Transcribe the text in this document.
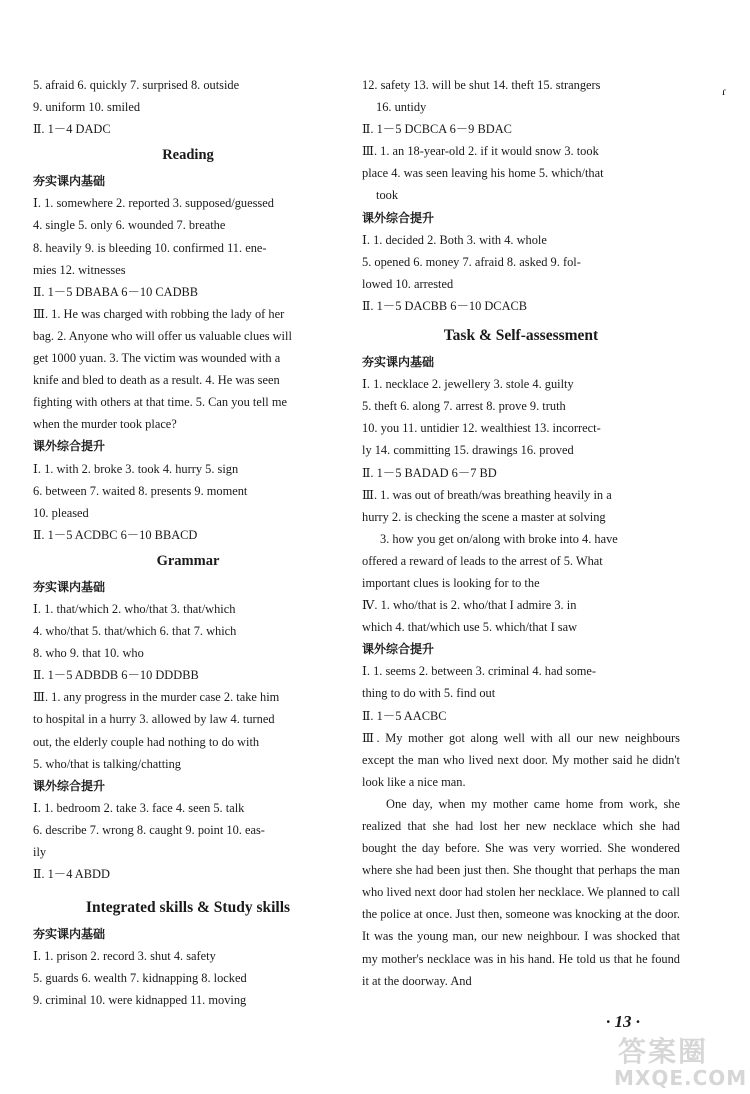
5. afraid 6. quickly 7. surprised 8. outside
9. uniform 10. smiled
Ⅱ. 1－4 DADC
Reading
夯实课内基础
Ⅰ. 1. somewhere 2. reported 3. supposed/guessed
4. single 5. only 6. wounded 7. breathe
8. heavily 9. is bleeding 10. confirmed 11. ene-
mies 12. witnesses
Ⅱ. 1－5 DBABA 6－10 CADBB
Ⅲ. 1. He was charged with robbing the lady of her
bag. 2. Anyone who will offer us valuable clues will
get 1000 yuan. 3. The victim was wounded with a
knife and bled to death as a result. 4. He was seen
fighting with others at that time. 5. Can you tell me
when the murder took place?
课外综合提升
Ⅰ. 1. with 2. broke 3. took 4. hurry 5. sign
6. between 7. waited 8. presents 9. moment
10. pleased
Ⅱ. 1－5 ACDBC 6－10 BBACD
Grammar
夯实课内基础
Ⅰ. 1. that/which 2. who/that 3. that/which
4. who/that 5. that/which 6. that 7. which
8. who 9. that 10. who
Ⅱ. 1－5 ADBDB 6－10 DDDBB
Ⅲ. 1. any progress in the murder case 2. take him
to hospital in a hurry 3. allowed by law 4. turned
out, the elderly couple had nothing to do with
5. who/that is talking/chatting
课外综合提升
Ⅰ. 1. bedroom 2. take 3. face 4. seen 5. talk
6. describe 7. wrong 8. caught 9. point 10. eas-
ily
Ⅱ. 1－4 ABDD
Integrated skills & Study skills
夯实课内基础
Ⅰ. 1. prison 2. record 3. shut 4. safety
5. guards 6. wealth 7. kidnapping 8. locked
9. criminal 10. were kidnapped 11. moving
12. safety 13. will be shut 14. theft 15. strangers
16. untidy
Ⅱ. 1－5 DCBCA 6－9 BDAC
Ⅲ. 1. an 18-year-old 2. if it would snow 3. took
place 4. was seen leaving his home 5. which/that
took
课外综合提升
Ⅰ. 1. decided 2. Both 3. with 4. whole
5. opened 6. money 7. afraid 8. asked 9. fol-
lowed 10. arrested
Ⅱ. 1－5 DACBB 6－10 DCACB
Task & Self-assessment
夯实课内基础
Ⅰ. 1. necklace 2. jewellery 3. stole 4. guilty
5. theft 6. along 7. arrest 8. prove 9. truth
10. you 11. untidier 12. wealthiest 13. incorrect-
ly 14. committing 15. drawings 16. proved
Ⅱ. 1－5 BADAD 6－7 BD
Ⅲ. 1. was out of breath/was breathing heavily in a
hurry 2. is checking the scene a master at solving
3. how you get on/along with broke into 4. have
offered a reward of leads to the arrest of 5. What
important clues is looking for to the
Ⅳ. 1. who/that is 2. who/that I admire 3. in
which 4. that/which use 5. which/that I saw
课外综合提升
Ⅰ. 1. seems 2. between 3. criminal 4. had some-
thing to do with 5. find out
Ⅱ. 1－5 AACBC

Ⅲ. My mother got along well with all our new neighbours except the man who lived next door. My mother said he didn't look like a nice man.

One day, when my mother came home from work, she realized that she had lost her new necklace which she had bought the day before. She was very worried. She wondered where she had been just then. She thought that perhaps the man who lived next door had stolen her necklace. We planned to call the police at once. Just then, someone was knocking at the door. It was the young man, our new neighbour. I was shocked that my mother's necklace was in his hand. He told us that he found it at the doorway. And

ɾ
· 13 ·
答案圈
MXQE.COM
